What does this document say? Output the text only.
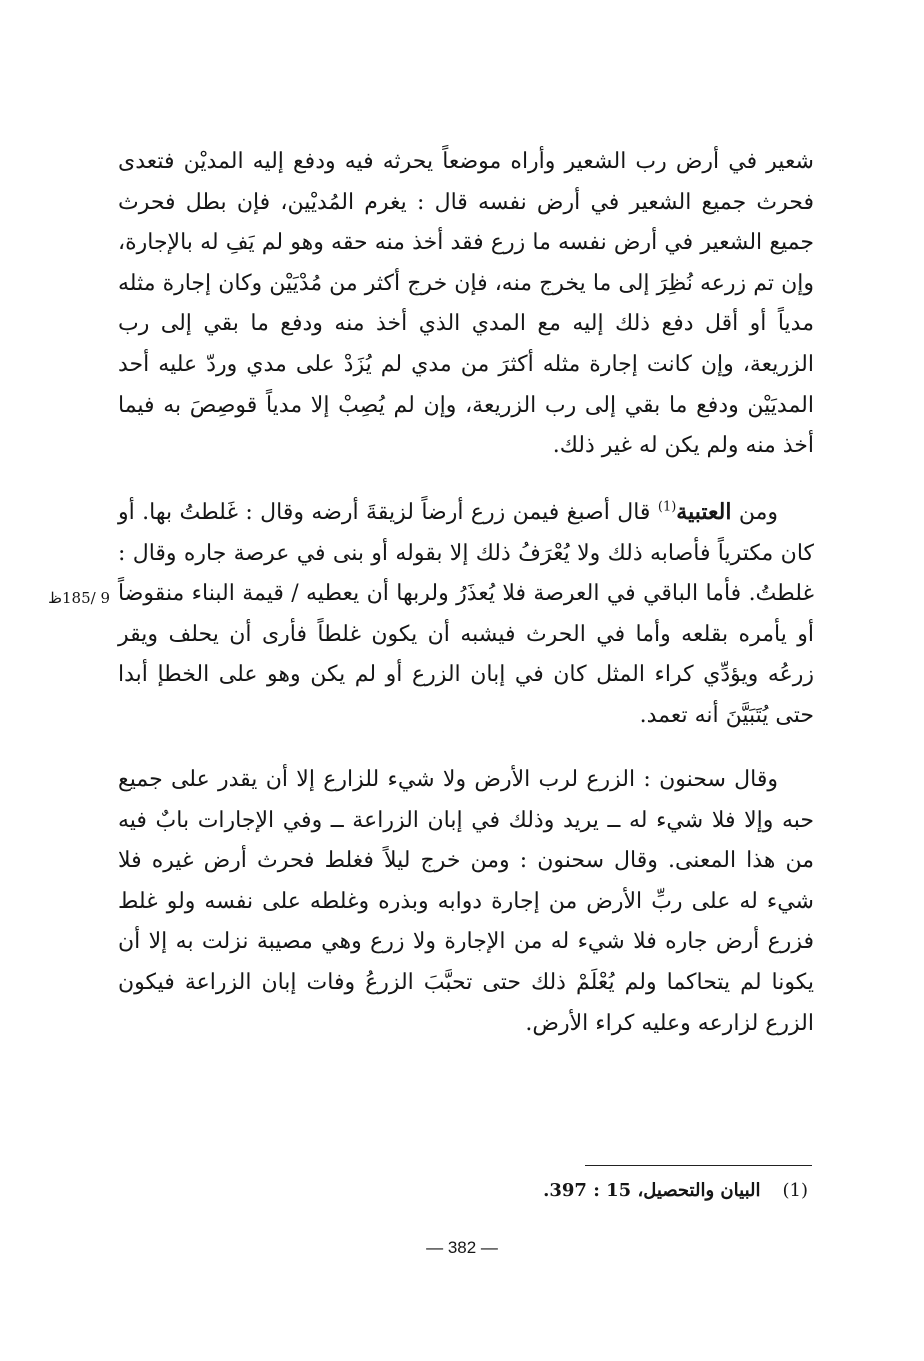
شعير في أرض رب الشعير وأراه موضعاً يحرثه فيه ودفع إليه المديْن فتعدى فحرث جميع الشعير في أرض نفسه قال : يغرم المُديْين، فإن بطل فحرث جميع الشعير في أرض نفسه ما زرع فقد أخذ منه حقه وهو لم يَفِ له بالإجارة، وإن تم زرعه نُظِرَ إلى ما يخرج منه، فإن خرج أكثر من مُدْيَيْن وكان إجارة مثله مدياً أو أقل دفع ذلك إليه مع المدي الذي أخذ منه ودفع ما بقي إلى رب الزريعة، وإن كانت إجارة مثله أكثرَ من مدي لم يُزَدْ على مدي وردّ عليه أحد المديَيْن ودفع ما بقي إلى رب الزريعة، وإن لم يُصِبْ إلا مدياً قوصِصَ به فيما أخذ منه ولم يكن له غير ذلك.

ومن العتبية$^{(1)}$ قال أصبغ فيمن زرع أرضاً لزيقةَ أرضه وقال : غَلطتُ بها. أو كان مكترياً فأصابه ذلك ولا يُعْرَفُ ذلك إلا بقوله أو بنى في عرصة جاره وقال : غلطتُ. فأما الباقي في العرصة فلا يُعذَرُ ولربها أن يعطيه / قيمة البناء منقوضاً أو يأمره بقلعه وأما في الحرث فيشبه أن يكون غلطاً فأرى أن يحلف ويقر زرعُه ويؤدِّي كراء المثل كان في إبان الزرع أو لم يكن وهو على الخطإ أبدا حتى يُتَبَيَّنَ أنه تعمد.

9 /185ظ

وقال سحنون : الزرع لرب الأرض ولا شيء للزارع إلا أن يقدر على جميع حبه وإلا فلا شيء له ــ يريد وذلك في إبان الزراعة ــ وفي الإجارات بابٌ فيه من هذا المعنى. وقال سحنون : ومن خرج ليلاً فغلط فحرث أرض غيره فلا شيء له على ربِّ الأرض من إجارة دوابه وبذره وغلطه على نفسه ولو غلط فزرع أرض جاره فلا شيء له من الإجارة ولا زرع وهي مصيبة نزلت به إلا أن يكونا لم يتحاكما ولم يُعْلَمْ ذلك حتى تحبَّبَ الزرعُ وفات إبان الزراعة فيكون الزرع لزارعه وعليه كراء الأرض.

(1)البيان والتحصيل، 15 : 397.
— 382 —
